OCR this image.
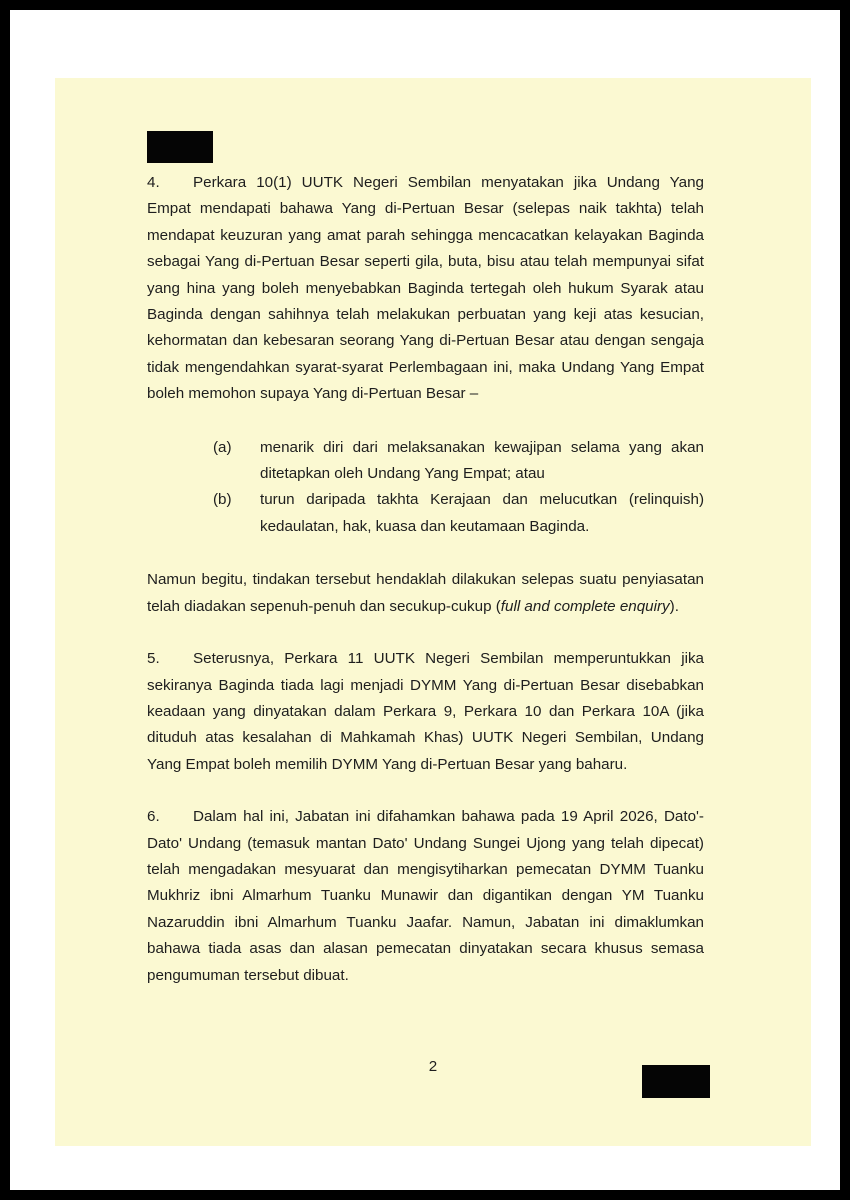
4. Perkara 10(1) UUTK Negeri Sembilan menyatakan jika Undang Yang Empat mendapati bahawa Yang di-Pertuan Besar (selepas naik takhta) telah mendapat keuzuran yang amat parah sehingga mencacatkan kelayakan Baginda sebagai Yang di-Pertuan Besar seperti gila, buta, bisu atau telah mempunyai sifat yang hina yang boleh menyebabkan Baginda tertegah oleh hukum Syarak atau Baginda dengan sahihnya telah melakukan perbuatan yang keji atas kesucian, kehormatan dan kebesaran seorang Yang di-Pertuan Besar atau dengan sengaja tidak mengendahkan syarat-syarat Perlembagaan ini, maka Undang Yang Empat boleh memohon supaya Yang di-Pertuan Besar –

(a)	menarik diri dari melaksanakan kewajipan selama yang akan ditetapkan oleh Undang Yang Empat; atau
(b)	turun daripada takhta Kerajaan dan melucutkan (relinquish) kedaulatan, hak, kuasa dan keutamaan Baginda.

Namun begitu, tindakan tersebut hendaklah dilakukan selepas suatu penyiasatan telah diadakan sepenuh-penuh dan secukup-cukup (full and complete enquiry).

5. Seterusnya, Perkara 11 UUTK Negeri Sembilan memperuntukkan jika sekiranya Baginda tiada lagi menjadi DYMM Yang di-Pertuan Besar disebabkan keadaan yang dinyatakan dalam Perkara 9, Perkara 10 dan Perkara 10A (jika dituduh atas kesalahan di Mahkamah Khas) UUTK Negeri Sembilan, Undang Yang Empat boleh memilih DYMM Yang di-Pertuan Besar yang baharu.

6. Dalam hal ini, Jabatan ini difahamkan bahawa pada 19 April 2026, Dato'-Dato' Undang (temasuk mantan Dato' Undang Sungei Ujong yang telah dipecat) telah mengadakan mesyuarat dan mengisytiharkan pemecatan DYMM Tuanku Mukhriz ibni Almarhum Tuanku Munawir dan digantikan dengan YM Tuanku Nazaruddin ibni Almarhum Tuanku Jaafar. Namun, Jabatan ini dimaklumkan bahawa tiada asas dan alasan pemecatan dinyatakan secara khusus semasa pengumuman tersebut dibuat.

2
